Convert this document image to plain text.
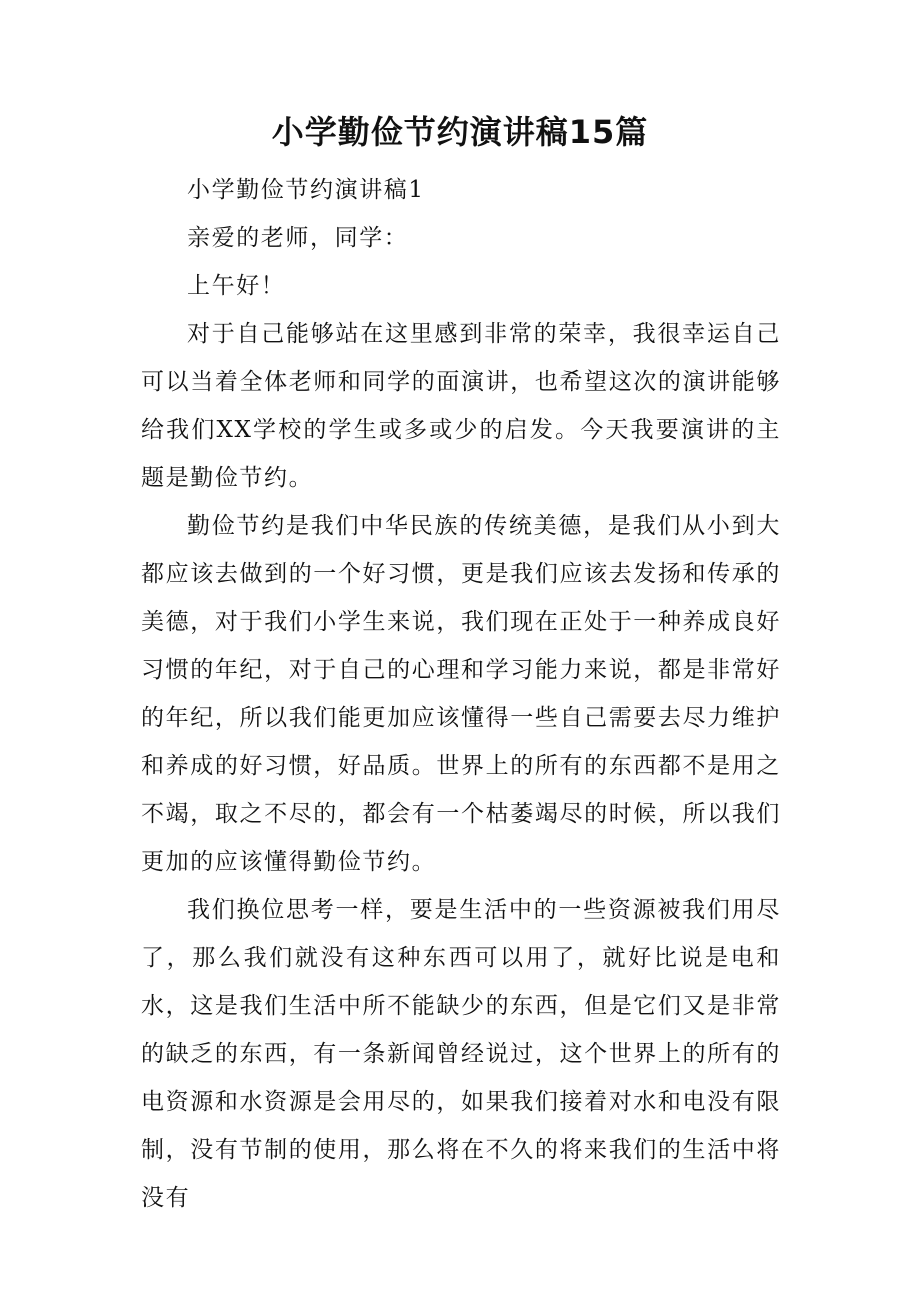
小学勤俭节约演讲稿15篇

小学勤俭节约演讲稿1

亲爱的老师，同学：

上午好！

对于自己能够站在这里感到非常的荣幸，我很幸运自己可以当着全体老师和同学的面演讲，也希望这次的演讲能够给我们XX学校的学生或多或少的启发。今天我要演讲的主题是勤俭节约。

勤俭节约是我们中华民族的传统美德，是我们从小到大都应该去做到的一个好习惯，更是我们应该去发扬和传承的美德，对于我们小学生来说，我们现在正处于一种养成良好习惯的年纪，对于自己的心理和学习能力来说，都是非常好的年纪，所以我们能更加应该懂得一些自己需要去尽力维护和养成的好习惯，好品质。世界上的所有的东西都不是用之不竭，取之不尽的，都会有一个枯萎竭尽的时候，所以我们更加的应该懂得勤俭节约。

我们换位思考一样，要是生活中的一些资源被我们用尽了，那么我们就没有这种东西可以用了，就好比说是电和水，这是我们生活中所不能缺少的东西，但是它们又是非常的缺乏的东西，有一条新闻曾经说过，这个世界上的所有的电资源和水资源是会用尽的，如果我们接着对水和电没有限制，没有节制的使用，那么将在不久的将来我们的生活中将没有
